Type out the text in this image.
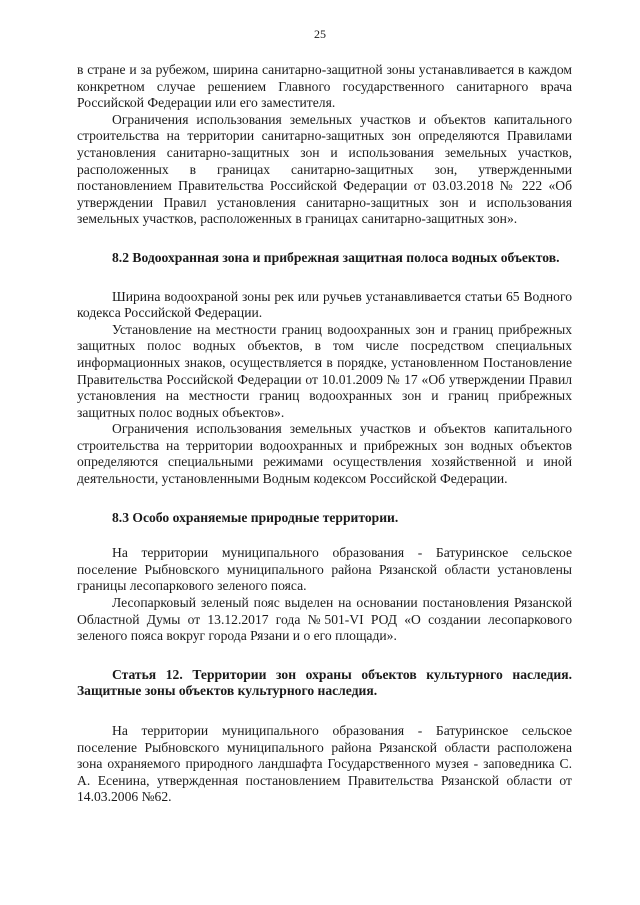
25

в стране и за рубежом, ширина санитарно-защитной зоны устанавливается в каждом конкретном случае решением Главного государственного санитарного врача Российской Федерации или его заместителя.

Ограничения использования земельных участков и объектов капитального строительства на территории санитарно-защитных зон определяются Правилами установления санитарно-защитных зон и использования земельных участков, расположенных в границах санитарно-защитных зон, утвержденными постановлением Правительства Российской Федерации от 03.03.2018 № 222 «Об утверждении Правил установления санитарно-защитных зон и использования земельных участков, расположенных в границах санитарно-защитных зон».

8.2 Водоохранная зона и прибрежная защитная полоса водных объектов.

Ширина водоохраной зоны рек или ручьев устанавливается статьи 65 Водного кодекса Российской Федерации.

Установление на местности границ водоохранных зон и границ прибрежных защитных полос водных объектов, в том числе посредством специальных информационных знаков, осуществляется в порядке, установленном Постановление Правительства Российской Федерации от 10.01.2009 № 17 «Об утверждении Правил установления на местности границ водоохранных зон и границ прибрежных защитных полос водных объектов».

Ограничения использования земельных участков и объектов капитального строительства на территории водоохранных и прибрежных зон водных объектов определяются специальными режимами осуществления хозяйственной и иной деятельности, установленными Водным кодексом Российской Федерации.

8.3 Особо охраняемые природные территории.

На территории муниципального образования - Батуринское сельское поселение Рыбновского муниципального района Рязанской области установлены границы лесопаркового зеленого пояса.

Лесопарковый зеленый пояс выделен на основании постановления Рязанской Областной Думы от 13.12.2017 года №501-VI РОД «О создании лесопаркового зеленого пояса вокруг города Рязани и о его площади».

Статья 12. Территории зон охраны объектов культурного наследия. Защитные зоны объектов культурного наследия.

На территории муниципального образования - Батуринское сельское поселение Рыбновского муниципального района Рязанской области расположена зона охраняемого природного ландшафта Государственного музея - заповедника С. А. Есенина, утвержденная постановлением Правительства Рязанской области от 14.03.2006 №62.
